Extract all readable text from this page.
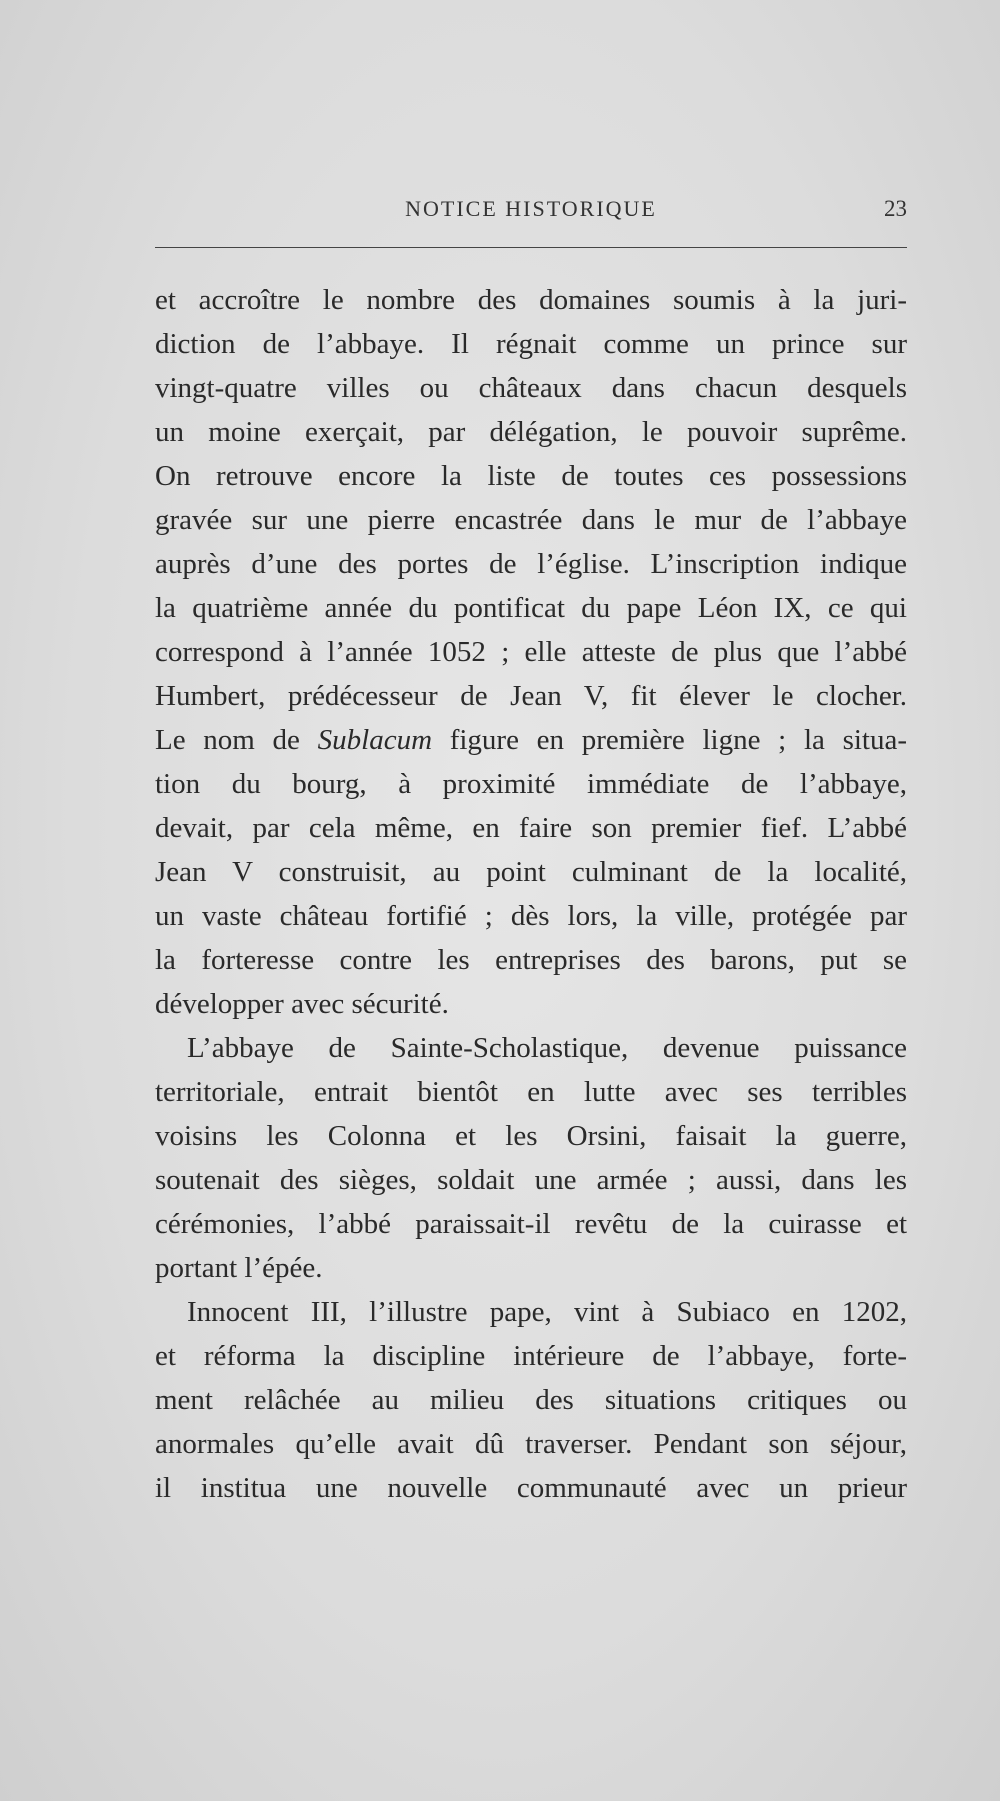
NOTICE HISTORIQUE	23
et accroître le nombre des domaines soumis à la juri-
diction de l’abbaye. Il régnait comme un prince sur
vingt-quatre villes ou châteaux dans chacun desquels
un moine exerçait, par délégation, le pouvoir suprême.
On retrouve encore la liste de toutes ces possessions
gravée sur une pierre encastrée dans le mur de l’abbaye
auprès d’une des portes de l’église. L’inscription indique
la quatrième année du pontificat du pape Léon IX, ce qui
correspond à l’année 1052 ; elle atteste de plus que l’abbé
Humbert, prédécesseur de Jean V, fit élever le clocher.
Le nom de Sublacum figure en première ligne ; la situa-
tion du bourg, à proximité immédiate de l’abbaye,
devait, par cela même, en faire son premier fief. L’abbé
Jean V construisit, au point culminant de la localité,
un vaste château fortifié ; dès lors, la ville, protégée par
la forteresse contre les entreprises des barons, put se
développer avec sécurité.
L’abbaye de Sainte-Scholastique, devenue puissance
territoriale, entrait bientôt en lutte avec ses terribles
voisins les Colonna et les Orsini, faisait la guerre,
soutenait des sièges, soldait une armée ; aussi, dans les
cérémonies, l’abbé paraissait-il revêtu de la cuirasse et
portant l’épée.
Innocent III, l’illustre pape, vint à Subiaco en 1202,
et réforma la discipline intérieure de l’abbaye, forte-
ment relâchée au milieu des situations critiques ou
anormales qu’elle avait dû traverser. Pendant son séjour,
il institua une nouvelle communauté avec un prieur
